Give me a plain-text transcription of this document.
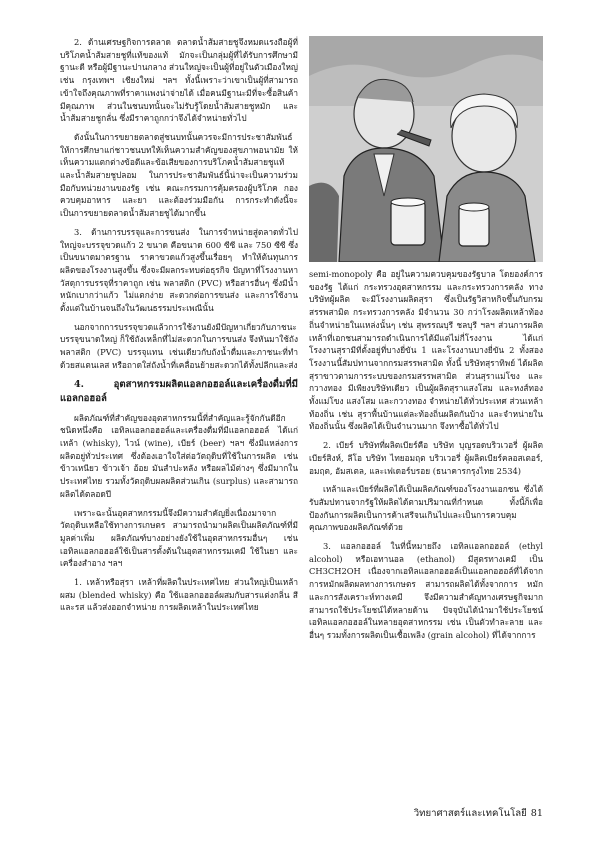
2. ด้านเศรษฐกิจการตลาด ตลาดน้ำส้มสายชูจึงหมดแรงถือผู้ที่บริโภคน้ำส้มสายชูที่แท้ของแท้ มักจะเป็นกลุ่มผู้ที่ได้รับการศึกษามีฐานะดี หรือผู้มีฐานะปานกลาง ส่วนใหญ่จะเป็นผู้ที่อยู่ในตัวเมืองใหญ่ เช่น กรุงเทพฯ เชียงใหม่ ฯลฯ ทั้งนี้เพราะว่าเขาเป็นผู้ที่สามารถเข้าใจถึงคุณภาพที่ราคาแพงน่าจ่ายได้ เมื่อคนมีฐานะมีที่จะซื้อสินค้ามีคุณภาพ ส่วนในชนบทนั้นจะไม่รับรู้โดยน้ำส้มสายชูหมัก และน้ำส้มสายชูกลั่น ซึ่งมีราคาถูกกว่าจึงได้จำหน่ายทั่วไป

ดังนั้นในการขยายตลาดสู่ชนบทนั้นควรจะมีการประชาสัมพันธ์ให้การศึกษาแก่ชาวชนบทให้เห็นความสำคัญของสุขภาพอนามัย ให้เห็นความแตกต่างข้อดีและข้อเสียของการบริโภคน้ำส้มสายชูแท้และน้ำส้มสายชูปลอม ในการประชาสัมพันธ์นี้น่าจะเป็นความร่วมมือกับหน่วยงานของรัฐ เช่น คณะกรรมการคุ้มครองผู้บริโภค กองควบคุมอาหาร และยา และต้องร่วมมือกัน การกระทำดังนี้จะเป็นการขยายตลาดน้ำส้มสายชูได้มากขึ้น

3. ด้านการบรรจุและการขนส่ง ในการจำหน่ายสู่ตลาดทั่วไปใหญ่จะบรรจุขวดแก้ว 2 ขนาด คือขนาด 600 ซีซี และ 750 ซีซี ซึ่งเป็นขนาดมาตรฐาน ราคาขวดแก้วสูงขึ้นเรื่อยๆ ทำให้ต้นทุนการผลิตของโรงงานสูงขึ้น ซึ่งจะมีผลกระทบต่อธุรกิจ ปัญหาที่โรงงานหาวัสดุการบรรจุที่ราคาถูก เช่น พลาสติก (PVC) หรือสารอื่นๆ ซึ่งมีน้ำหนักเบากว่าแก้ว ไม่แตกง่าย สะดวกต่อการขนส่ง และการใช้งานตั้งแต่ในบ้านจนถึงในวัฒนธรรมประเพณีนั้น

นอกจากการบรรจุขวดแล้วการใช้งานยังมีปัญหาเกี่ยวกับภาชนะบรรจุขนาดใหญ่ ก็ใช้ถังเหล็กที่ไม่สะดวกในการขนส่ง จึงหันมาใช้ถังพลาสติก (PVC) บรรจุแทน เช่นเดียวกับถังน้ำดื่มและภาชนะที่ทำด้วยสแตนเลส หรือถาดใส่ถังน้ำที่เคลื่อนย้ายสะดวกได้ทั้งปลีกและส่ง

4. อุตสาหกรรมผลิตแอลกอฮอล์และเครื่องดื่มที่มีแอลกอฮอล์

ผลิตภัณฑ์ที่สำคัญของอุตสาหกรรมนี้ที่สำคัญและรู้จักกันดีอีกชนิดหนึ่งคือ เอทิลแอลกอฮอล์และเครื่องดื่มที่มีแอลกอฮอล์ ได้แก่ เหล้า (whisky), ไวน์ (wine), เบียร์ (beer) ฯลฯ ซึ่งมีแหล่งการผลิตอยู่ทั่วประเทศ ซึ่งต้องเอาใจใส่ต่อวัตถุดิบที่ใช้ในการผลิต เช่น ข้าวเหนียว ข้าวเจ้า อ้อย มันสำปะหลัง หรือผลไม้ต่างๆ ซึ่งมีมากในประเทศไทย รวมทั้งวัตถุดิบผลผลิตส่วนเกิน (surplus) และสามารถผลิตได้ตลอดปี

เพราะฉะนั้นอุตสาหกรรมนี้จึงมีความสำคัญยิ่งเนื่องมาจากวัตถุดิบเหลือใช้ทางการเกษตร สามารถนำมาผลิตเป็นผลิตภัณฑ์ที่มีมูลค่าเพิ่ม ผลิตภัณฑ์บางอย่างยังใช้ในอุตสาหกรรมอื่นๆ เช่น เอทิลแอลกอฮอล์ใช้เป็นสารตั้งต้นในอุตสาหกรรมเคมี ใช้ในยา และ เครื่องสำอาง ฯลฯ

1. เหล้าหรือสุรา เหล้าที่ผลิตในประเทศไทย ส่วนใหญ่เป็นเหล้าผสม (blended whisky) คือ ใช้แอลกอฮอล์ผสมกับสารแต่งกลิ่น สี และรส แล้วส่งออกจำหน่าย การผลิตเหล้าในประเทศไทย

semi-monopoly คือ อยู่ในความควบคุมของรัฐบาล โดยองค์การของรัฐ ได้แก่ กระทรวงอุตสาหกรรม และกระทรวงการคลัง ทางบริษัทผู้ผลิต จะมีโรงงานผลิตสุรา ซึ่งเป็นรัฐวิสาหกิจขึ้นกับกรมสรรพสามิต กระทรวงการคลัง มีจำนวน 30 กว่าโรงผลิตเหล้าท้องถิ่นจำหน่ายในแหล่งนั้นๆ เช่น สุพรรณบุรี ชลบุรี ฯลฯ ส่วนการผลิตเหล้าที่เอกชนสามารถดำเนินการได้มีแต่ไม่กี่โรงงาน ได้แก่ โรงงานสุรามีที่ตั้งอยู่ที่บางยี่ขัน 1 และโรงงานบางยี่ขัน 2 ทั้งสองโรงงานนี้สัมปทานจากกรมสรรพสามิต ทั้งนี้ บริษัทสุราทิพย์ ได้ผลิตสุราขาวตามการระบบของกรมสรรพสามิต ส่วนสุราแม่โขง และกวางทอง มีเพียงบริษัทเดียว เป็นผู้ผลิตสุราแสงโสม และหงส์ทอง ทั้งแม่โขง แสงโสม และกวางทอง จำหน่ายได้ทั่วประเทศ ส่วนเหล้าท้องถิ่น เช่น สุราพื้นบ้านแต่ละท้องถิ่นผลิตกันบ้าง และจำหน่ายในท้องถิ่นนั้น ซึ่งผลิตได้เป็นจำนวนมาก จึงหาซื้อได้ทั่วไป

2. เบียร์ บริษัทที่ผลิตเบียร์คือ บริษัท บุญรอดบริวเวอรี่ ผู้ผลิตเบียร์สิงห์, ลีโอ บริษัท ไทยอมฤต บริวเวอรี่ ผู้ผลิตเบียร์คลอสเตอร์, อมฤต, อัมสเตล, และเฟเดอร์บรอย (ธนาคารกรุงไทย 2534)

เหล้าและเบียร์ที่ผลิตได้เป็นผลิตภัณฑ์ของโรงงานเอกชน ซึ่งได้รับสัมปทานจากรัฐให้ผลิตได้ตามปริมาณที่กำหนด ทั้งนี้ก็เพื่อป้องกันการผลิตเป็นการค้าเสรีจนเกินไปและเป็นการควบคุมคุณภาพของผลิตภัณฑ์ด้วย

3. แอลกอฮอล์ ในที่นี้หมายถึง เอทิลแอลกอฮอล์ (ethyl alcohol) หรือเอทานอล (ethanol) มีสูตรทางเคมี เป็น CH3CH2OH เนื่องจากเอทิลแอลกอฮอล์เป็นแอลกอฮอล์ที่ได้จากการหมักผลิตผลทางการเกษตร สามารถผลิตได้ทั้งจากการ หมักและการสังเคราะห์ทางเคมี จึงมีความสำคัญทางเศรษฐกิจมาก สามารถใช้ประโยชน์ได้หลายด้าน ปัจจุบันได้นำมาใช้ประโยชน์เอทิลแอลกอฮอล์ในหลายอุตสาหกรรม เช่น เป็นตัวทำละลาย และอื่นๆ รวมทั้งการผลิตเป็นเชื้อเพลิง (grain alcohol) ที่ได้จากการ

วิทยาศาสตร์และเทคโนโลยี 81
